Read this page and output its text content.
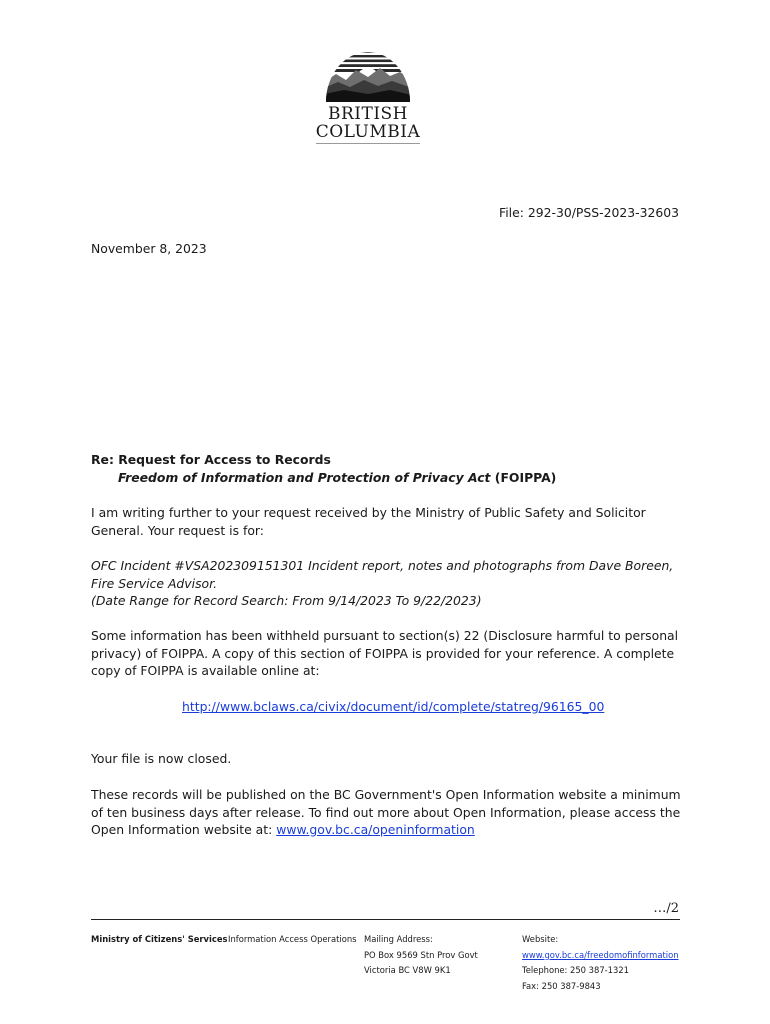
BRITISH
COLUMBIA
File: 292-30/PSS-2023-32603
November 8, 2023
Re: Request for Access to Records
Freedom of Information and Protection of Privacy Act (FOIPPA)
I am writing further to your request received by the Ministry of Public Safety and Solicitor General. Your request is for:
OFC Incident #VSA202309151301 Incident report, notes and photographs from Dave Boreen, Fire Service Advisor.
(Date Range for Record Search: From 9/14/2023 To 9/22/2023)
Some information has been withheld pursuant to section(s) 22 (Disclosure harmful to personal privacy) of FOIPPA. A copy of this section of FOIPPA is provided for your reference. A complete copy of FOIPPA is available online at:
http://www.bclaws.ca/civix/document/id/complete/statreg/96165_00
Your file is now closed.
These records will be published on the BC Government's Open Information website a minimum of ten business days after release. To find out more about Open Information, please access the Open Information website at: www.gov.bc.ca/openinformation
…/2
Ministry of Citizens' Services Information Access Operations Mailing Address:
PO Box 9569 Stn Prov Govt
Victoria BC V8W 9K1
Website:
www.gov.bc.ca/freedomofinformation
Telephone: 250 387-1321
Fax: 250 387-9843
